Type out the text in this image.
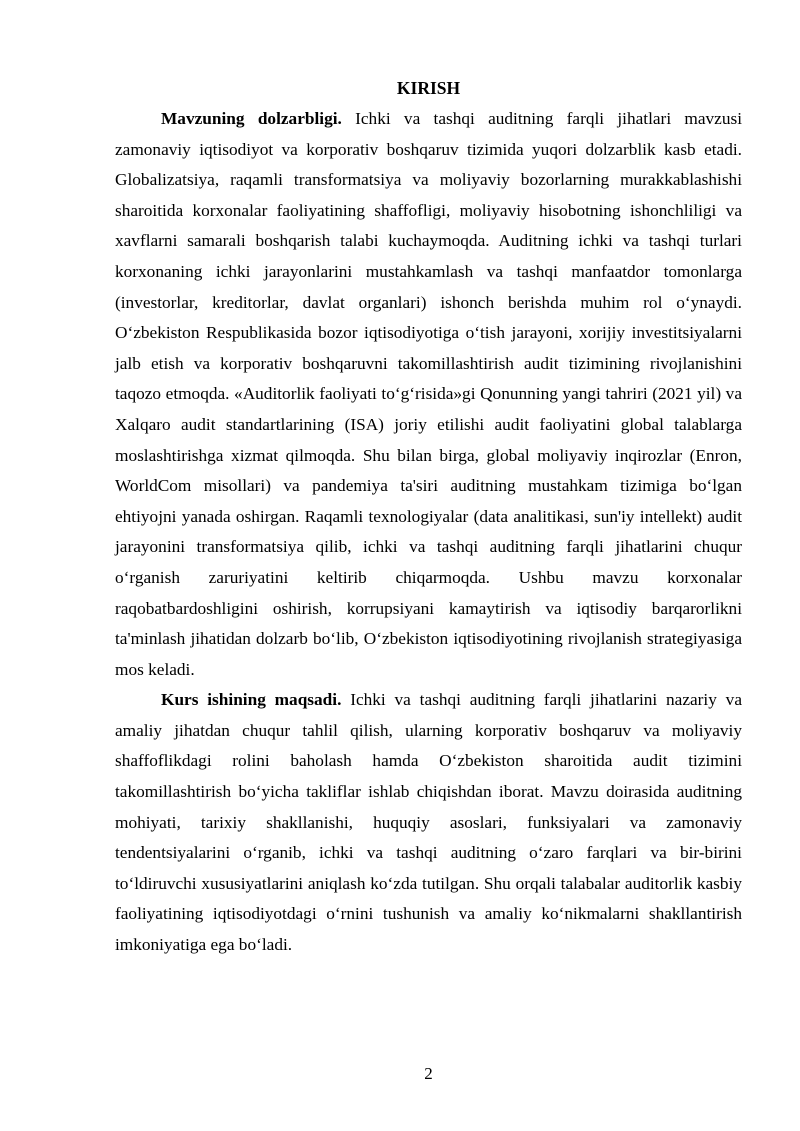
KIRISH

Mavzuning dolzarbligi. Ichki va tashqi auditning farqli jihatlari mavzusi zamonaviy iqtisodiyot va korporativ boshqaruv tizimida yuqori dolzarblik kasb etadi. Globalizatsiya, raqamli transformatsiya va moliyaviy bozorlarning murakkablashishi sharoitida korxonalar faoliyatining shaffofligi, moliyaviy hisobotning ishonchliligi va xavflarni samarali boshqarish talabi kuchaymoqda. Auditning ichki va tashqi turlari korxonaning ichki jarayonlarini mustahkamlash va tashqi manfaatdor tomonlarga (investorlar, kreditorlar, davlat organlari) ishonch berishda muhim rol o‘ynaydi. O‘zbekiston Respublikasida bozor iqtisodiyotiga o‘tish jarayoni, xorijiy investitsiyalarni jalb etish va korporativ boshqaruvni takomillashtirish audit tizimining rivojlanishini taqozo etmoqda. «Auditorlik faoliyati to‘g‘risida»gi Qonunning yangi tahriri (2021 yil) va Xalqaro audit standartlarining (ISA) joriy etilishi audit faoliyatini global talablarga moslashtirishga xizmat qilmoqda. Shu bilan birga, global moliyaviy inqirozlar (Enron, WorldCom misollari) va pandemiya ta'siri auditning mustahkam tizimiga bo‘lgan ehtiyojni yanada oshirgan. Raqamli texnologiyalar (data analitikasi, sun'iy intellekt) audit jarayonini transformatsiya qilib, ichki va tashqi auditning farqli jihatlarini chuqur o‘rganish zaruriyatini keltirib chiqarmoqda. Ushbu mavzu korxonalar raqobatbardoshligini oshirish, korrupsiyani kamaytirish va iqtisodiy barqarorlikni ta'minlash jihatidan dolzarb bo‘lib, O‘zbekiston iqtisodiyotining rivojlanish strategiyasiga mos keladi.

Kurs ishining maqsadi. Ichki va tashqi auditning farqli jihatlarini nazariy va amaliy jihatdan chuqur tahlil qilish, ularning korporativ boshqaruv va moliyaviy shaffoflikdagi rolini baholash hamda O‘zbekiston sharoitida audit tizimini takomillashtirish bo‘yicha takliflar ishlab chiqishdan iborat. Mavzu doirasida auditning mohiyati, tarixiy shakllanishi, huquqiy asoslari, funksiyalari va zamonaviy tendentsiyalarini o‘rganib, ichki va tashqi auditning o‘zaro farqlari va bir-birini to‘ldiruvchi xususiyatlarini aniqlash ko‘zda tutilgan. Shu orqali talabalar auditorlik kasbiy faoliyatining iqtisodiyotdagi o‘rnini tushunish va amaliy ko‘nikmalarni shakllantirish imkoniyatiga ega bo‘ladi.

2
